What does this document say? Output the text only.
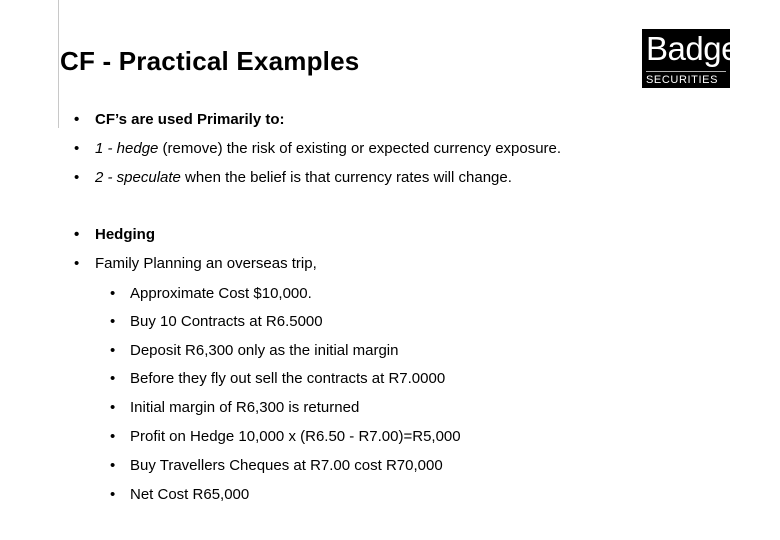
CF - Practical Examples	Badger
SECURITIES
• CF’s are used Primarily to:
• 1 - hedge (remove) the risk of existing or expected currency exposure.
• 2 - speculate when the belief is that currency rates will change.
• Hedging
• Family Planning an overseas trip,
• Approximate Cost $10,000.
• Buy 10 Contracts at R6.5000
• Deposit R6,300 only as the initial margin
• Before they fly out sell the contracts at R7.0000
• Initial margin of R6,300 is returned
• Profit on Hedge 10,000 x (R6.50 - R7.00)=R5,000
• Buy Travellers Cheques at R7.00 cost R70,000
• Net Cost R65,000
